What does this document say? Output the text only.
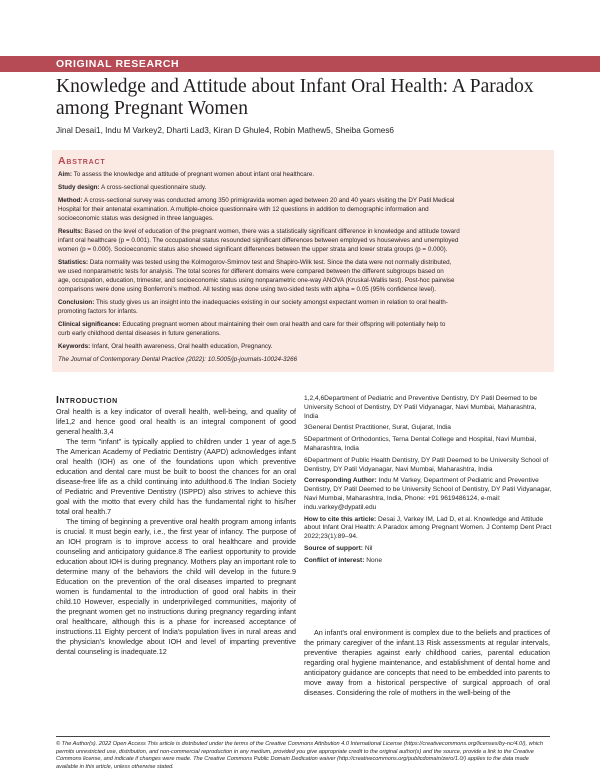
ORIGINAL RESEARCH
Knowledge and Attitude about Infant Oral Health: A Paradox
among Pregnant Women
Jinal Desai1, Indu M Varkey2, Dharti Lad3, Kiran D Ghule4, Robin Mathew5, Sheiba Gomes6
Abstract

Aim: To assess the knowledge and attitude of pregnant women about infant oral healthcare.

Study design: A cross-sectional questionnaire study.

Method: A cross-sectional survey was conducted among 350 primigravida women aged between 20 and 40 years visiting the DY Patil Medical

Hospital for their antenatal examination. A multiple-choice questionnaire with 12 questions in addition to demographic information and

socioeconomic status was designed in three languages.

Results: Based on the level of education of the pregnant women, there was a statistically significant difference in knowledge and attitude toward

infant oral healthcare (p = 0.001). The occupational status resounded significant differences between employed vs housewives and unemployed

women (p = 0.000). Socioeconomic status also showed significant differences between the upper strata and lower strata groups (p = 0.000).

Statistics: Data normality was tested using the Kolmogorov-Smirnov test and Shapiro-Wilk test. Since the data were not normally distributed,

we used nonparametric tests for analysis. The total scores for different domains were compared between the different subgroups based on

age, occupation, education, trimester, and socioeconomic status using nonparametric one-way ANOVA (Kruskal-Wallis test). Post-hoc pairwise

comparisons were done using Bonferroni's method. All testing was done using two-sided tests with alpha = 0.05 (95% confidence level).

Conclusion: This study gives us an insight into the inadequacies existing in our society amongst expectant women in relation to oral health-

promoting factors for infants.

Clinical significance: Educating pregnant women about maintaining their own oral health and care for their offspring will potentially help to

curb early childhood dental diseases in future generations.

Keywords: Infant, Oral health awareness, Oral health education, Pregnancy.

The Journal of Contemporary Dental Practice (2022): 10.5005/jp-journals-10024-3266

Introduction

Oral health is a key indicator of overall health, well-being, and quality of life1,2 and hence good oral health is an integral component of good general health.3,4

The term "infant" is typically applied to children under 1 year of age.5 The American Academy of Pediatric Dentistry (AAPD) acknowledges infant oral health (IOH) as one of the foundations upon which preventive education and dental care must be built to boost the chances for an oral disease-free life as a child continuing into adulthood.6 The Indian Society of Pediatric and Preventive Dentistry (ISPPD) also strives to achieve this goal with the motto that every child has the fundamental right to his/her total oral health.7

The timing of beginning a preventive oral health program among infants is crucial. It must begin early, i.e., the first year of infancy. The purpose of an IOH program is to improve access to oral healthcare and provide counseling and anticipatory guidance.8 The earliest opportunity to provide education about IOH is during pregnancy. Mothers play an important role to determine many of the behaviors the child will develop in the future.9 Education on the prevention of the oral diseases imparted to pregnant women is fundamental to the introduction of good oral habits in their child.10 However, especially in underprivileged communities, majority of the pregnant women get no instructions during pregnancy regarding infant oral healthcare, although this is a phase for increased acceptance of instructions.11 Eighty percent of India's population lives in rural areas and the physician's knowledge about IOH and level of imparting preventive dental counseling is inadequate.12

1,2,4,6Department of Pediatric and Preventive Dentistry, DY Patil Deemed to be University School of Dentistry, DY Patil Vidyanagar, Navi Mumbai, Maharashtra, India

3General Dentist Practitioner, Surat, Gujarat, India

5Department of Orthodontics, Terna Dental College and Hospital, Navi Mumbai, Maharashtra, India

6Department of Public Health Dentistry, DY Patil Deemed to be University School of Dentistry, DY Patil Vidyanagar, Navi Mumbai, Maharashtra, India

Corresponding Author: Indu M Varkey, Department of Pediatric and Preventive Dentistry, DY Patil Deemed to be University School of Dentistry, DY Patil Vidyanagar, Navi Mumbai, Maharashtra, India, Phone: +91 9619486124, e-mail: indu.varkey@dypatil.edu

How to cite this article: Desai J, Varkey IM, Lad D, et al. Knowledge and Attitude about Infant Oral Health: A Paradox among Pregnant Women. J Contemp Dent Pract 2022;23(1):89–94.

Source of support: Nil

Conflict of interest: None

An infant's oral environment is complex due to the beliefs and practices of the primary caregiver of the infant.13 Risk assessments at regular intervals, preventive therapies against early childhood caries, parental education regarding oral hygiene maintenance, and establishment of dental home and anticipatory guidance are concepts that need to be embedded into parents to move away from a historical perspective of surgical approach of oral diseases. Considering the role of mothers in the well-being of the

© The Author(s). 2022 Open Access This article is distributed under the terms of the Creative Commons Attribution 4.0 International License (https://creativecommons.org/licenses/by-nc/4.0/), which permits unrestricted use, distribution, and non-commercial reproduction in any medium, provided you give appropriate credit to the original author(s) and the source, provide a link to the Creative Commons license, and indicate if changes were made. The Creative Commons Public Domain Dedication waiver (http://creativecommons.org/publicdomain/zero/1.0/) applies to the data made available in this article, unless otherwise stated.
